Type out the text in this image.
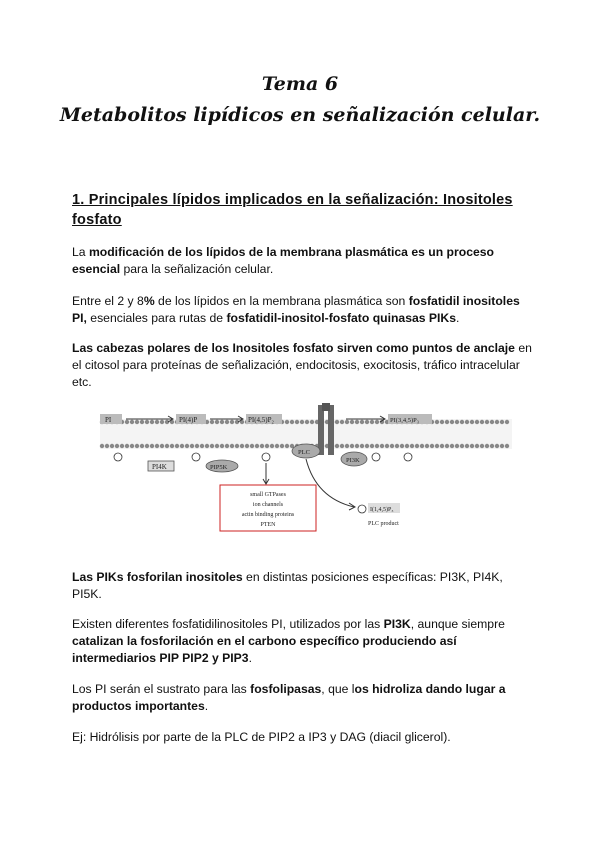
Tema 6
Metabolitos lipídicos en señalización celular.
1. Principales lípidos implicados en la señalización: Inositoles fosfato
La modificación de los lípidos de la membrana plasmática es un proceso esencial para la señalización celular.
Entre el 2 y 8% de los lípidos en la membrana plasmática son fosfatidil inositoles PI, esenciales para rutas de fosfatidil-inositol-fosfato quinasas PIKs.
Las cabezas polares de los Inositoles fosfato sirven como puntos de anclaje en el citosol para proteínas de señalización, endocitosis, exocitosis, tráfico intracelular etc.
PI	PI(4)P	PI(4,5)P₂	PI(3,4,5)P₃
PI4K	PIP5K
PLC
PI3K
small GTPases
ion channels
actin binding proteins
PTEN
I(1,4,5)P₃
PLC product
Las PIKs fosforilan inositoles en distintas posiciones específicas: PI3K, PI4K, PI5K.
Existen diferentes fosfatidilinositoles PI, utilizados por las PI3K, aunque siempre catalizan la fosforilación en el carbono específico produciendo así intermediarios PIP PIP2 y PIP3.
Los PI serán el sustrato para las fosfolipasas, que los hidroliza dando lugar a productos importantes.
Ej: Hidrólisis por parte de la PLC de PIP2 a IP3 y DAG (diacil glicerol).
